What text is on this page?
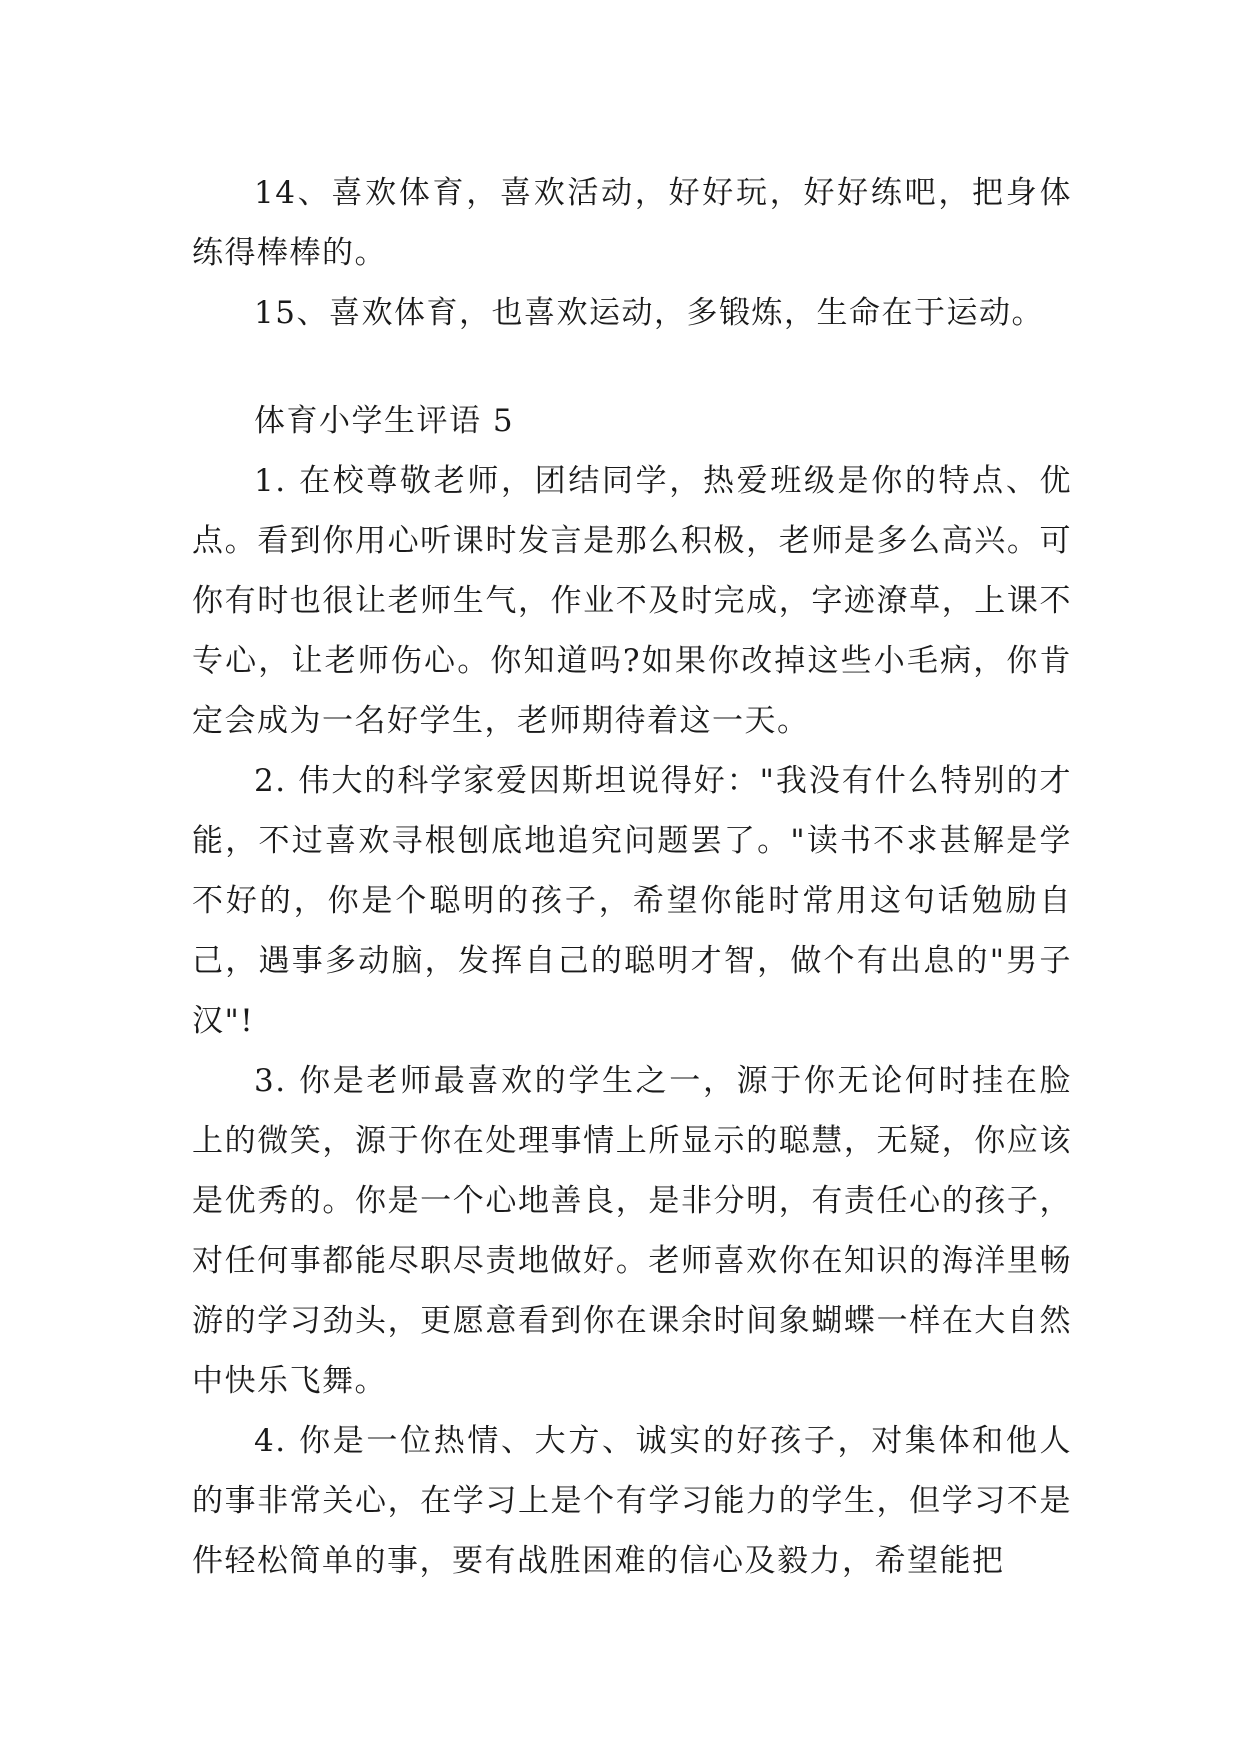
14、喜欢体育，喜欢活动，好好玩，好好练吧，把身体练得棒棒的。

15、喜欢体育，也喜欢运动，多锻炼，生命在于运动。

体育小学生评语 5

1. 在校尊敬老师，团结同学，热爱班级是你的特点、优点。看到你用心听课时发言是那么积极，老师是多么高兴。可你有时也很让老师生气，作业不及时完成，字迹潦草，上课不专心，让老师伤心。你知道吗?如果你改掉这些小毛病，你肯定会成为一名好学生，老师期待着这一天。

2. 伟大的科学家爱因斯坦说得好："我没有什么特别的才能，不过喜欢寻根刨底地追究问题罢了。"读书不求甚解是学不好的，你是个聪明的孩子，希望你能时常用这句话勉励自己，遇事多动脑，发挥自己的聪明才智，做个有出息的"男子汉"!

3. 你是老师最喜欢的学生之一，源于你无论何时挂在脸上的微笑，源于你在处理事情上所显示的聪慧，无疑，你应该是优秀的。你是一个心地善良，是非分明，有责任心的孩子，对任何事都能尽职尽责地做好。老师喜欢你在知识的海洋里畅游的学习劲头，更愿意看到你在课余时间象蝴蝶一样在大自然中快乐飞舞。

4. 你是一位热情、大方、诚实的好孩子，对集体和他人的事非常关心，在学习上是个有学习能力的学生，但学习不是件轻松简单的事，要有战胜困难的信心及毅力，希望能把
